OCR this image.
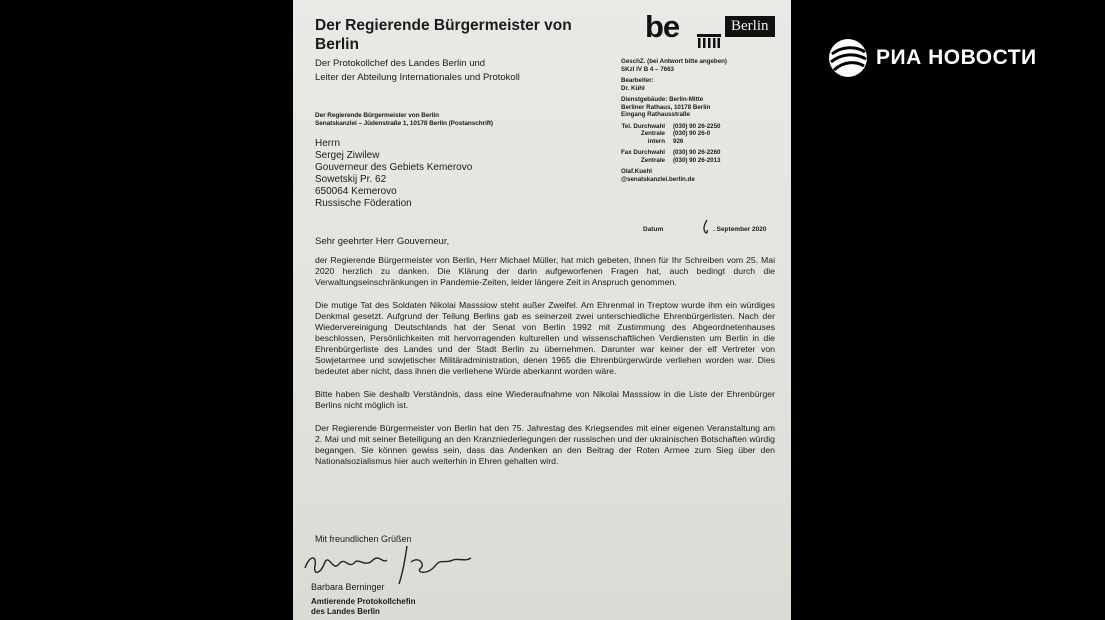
Der Regierende Bürgermeister von Berlin
Der Protokollchef des Landes Berlin und
Leiter der Abteilung Internationales und Protokoll
be	Berlin
Der Regierende Bürgermeister von Berlin
Senatskanzlei – Jüdenstraße 1, 10178 Berlin (Postanschrift)
Herrn
Sergej Ziwilew
Gouverneur des Gebiets Kemerovo
Sowetskij Pr. 62
650064 Kemerovo
Russische Föderation
GeschZ. (bei Antwort bitte angeben)
SKzl IV B 4 – 7663
Bearbeiter:
Dr. Kühl
Dienstgebäude: Berlin-Mitte
Berliner Rathaus, 10178 Berlin
Eingang Rathausstraße
Tel. Durchwahl (030) 90 26-2250
Zentrale (030) 90 26-0
intern 926
Fax Durchwahl (030) 90 26-2260
Zentrale (030) 90 26-2013
Olaf.Kuehl
@senatskanzlei.berlin.de
Datum	. September 2020
Sehr geehrter Herr Gouverneur,

der Regierende Bürgermeister von Berlin, Herr Michael Müller, hat mich gebeten, Ihnen für Ihr Schreiben vom 25. Mai 2020 herzlich zu danken. Die Klärung der darin aufgeworfenen Fragen hat, auch bedingt durch die Verwaltungseinschränkungen in Pandemie-Zeiten, leider längere Zeit in Anspruch genommen.

Die mutige Tat des Soldaten Nikolai Masssiow steht außer Zweifel. Am Ehrenmal in Treptow wurde ihm ein würdiges Denkmal gesetzt. Aufgrund der Teilung Berlins gab es seinerzeit zwei unterschiedliche Ehrenbürgerlisten. Nach der Wiedervereinigung Deutschlands hat der Senat von Berlin 1992 mit Zustimmung des Abgeordnetenhauses beschlossen, Persönlichkeiten mit hervorragenden kulturellen und wissenschaftlichen Verdiensten um Berlin in die Ehrenbürgerliste des Landes und der Stadt Berlin zu übernehmen. Darunter war keiner der elf Vertreter von Sowjetarmee und sowjetischer Militäradministration, denen 1965 die Ehrenbürgerwürde verliehen worden war. Dies bedeutet aber nicht, dass ihnen die verliehene Würde aberkannt worden wäre.

Bitte haben Sie deshalb Verständnis, dass eine Wiederaufnahme von Nikolai Masssiow in die Liste der Ehrenbürger Berlins nicht möglich ist.

Der Regierende Bürgermeister von Berlin hat den 75. Jahrestag des Kriegsendes mit einer eigenen Veranstaltung am 2. Mai und mit seiner Beteiligung an den Kranzniederlegungen der russischen und der ukrainischen Botschaften würdig begangen. Sie können gewiss sein, dass das Andenken an den Beitrag der Roten Armee zum Sieg über den Nationalsozialismus hier auch weiterhin in Ehren gehalten wird.

Mit freundlichen Grüßen
Barbara Berninger
Amtierende Protokollchefin
des Landes Berlin
РИА НОВОСТИ
